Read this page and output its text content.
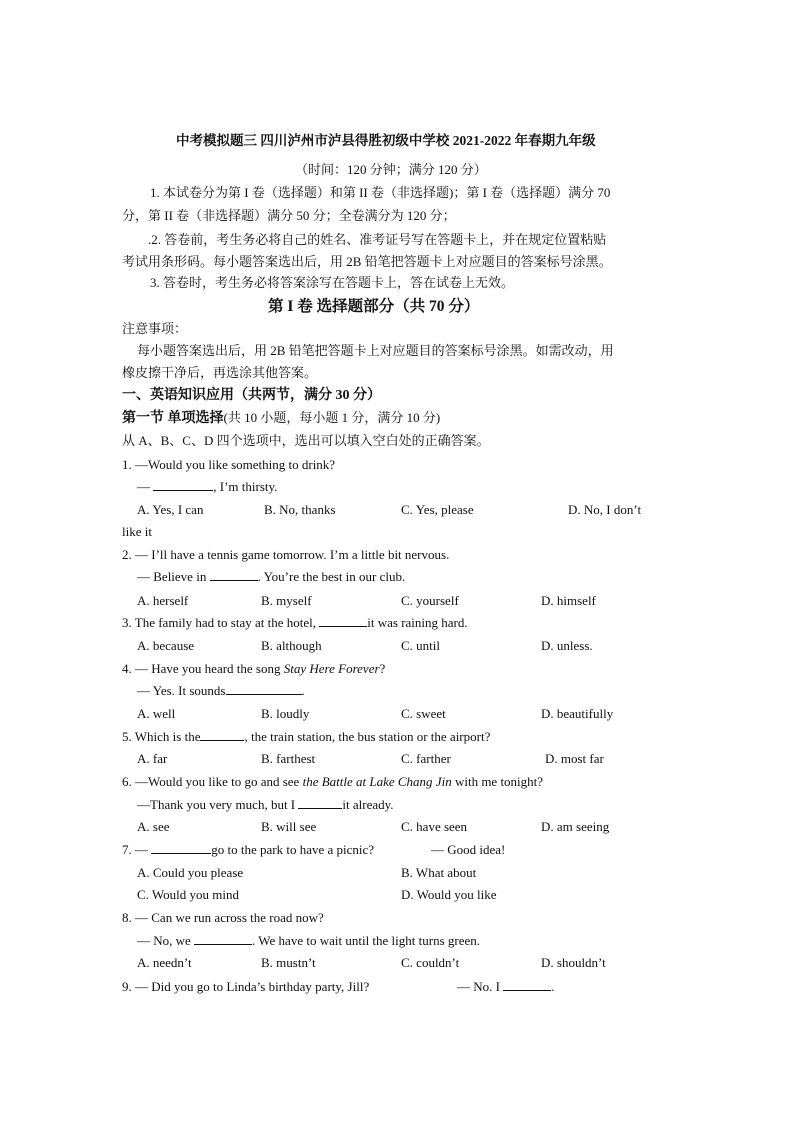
中考模拟题三 四川泸州市泸县得胜初级中学校 2021-2022 年春期九年级
（时间：120 分钟；满分 120 分）
1. 本试卷分为第 I 卷（选择题）和第 II 卷（非选择题)；第 I 卷（选择题）满分 70
分，第 II 卷（非选择题）满分 50 分；全卷满分为 120 分；
.2. 答卷前，考生务必将自己的姓名、准考证号写在答题卡上，并在规定位置粘贴
考试用条形码。每小题答案选出后，用 2B 铅笔把答题卡上对应题目的答案标号涂黑。
3. 答卷时，考生务必将答案涂写在答题卡上，答在试卷上无效。
第 I 卷 选择题部分（共 70 分）
注意事项：
每小题答案选出后，用 2B 铅笔把答题卡上对应题目的答案标号涂黑。如需改动，用
橡皮擦干净后，再选涂其他答案。
一、英语知识应用（共两节，满分 30 分）
第一节 单项选择(共 10 小题，每小题 1 分，满分 10 分)
从 A、B、C、D 四个选项中，选出可以填入空白处的正确答案。
1. —Would you like something to drink?
—	, I’m thirsty.
A. Yes, I can	B. No, thanks	C. Yes, please	D. No, I don’t
like it
2. — I’ll have a tennis game tomorrow. I’m a little bit nervous.
— Believe in	. You’re the best in our club.
A. herself	B. myself	C. yourself	D. himself
3. The family had to stay at the hotel,	it was raining hard.
A. because	B. although	C. until	D. unless.
4. — Have you heard the song Stay Here Forever?
— Yes. It sounds	.
A. well	B. loudly	C. sweet	D. beautifully
5. Which is the	, the train station, the bus station or the airport?
A. far	B. farthest	C. farther	D. most far
6. —Would you like to go and see the Battle at Lake Chang Jin with me tonight?
—Thank you very much, but I	it already.
A. see	B. will see	C. have seen	D. am seeing
7. —	go to the park to have a picnic?	— Good idea!
A. Could you please	B. What about
C. Would you mind	D. Would you like
8. — Can we run across the road now?
— No, we	. We have to wait until the light turns green.
A. needn’t	B. mustn’t	C. couldn’t	D. shouldn’t
9. — Did you go to Linda’s birthday party, Jill?	— No. I	.
